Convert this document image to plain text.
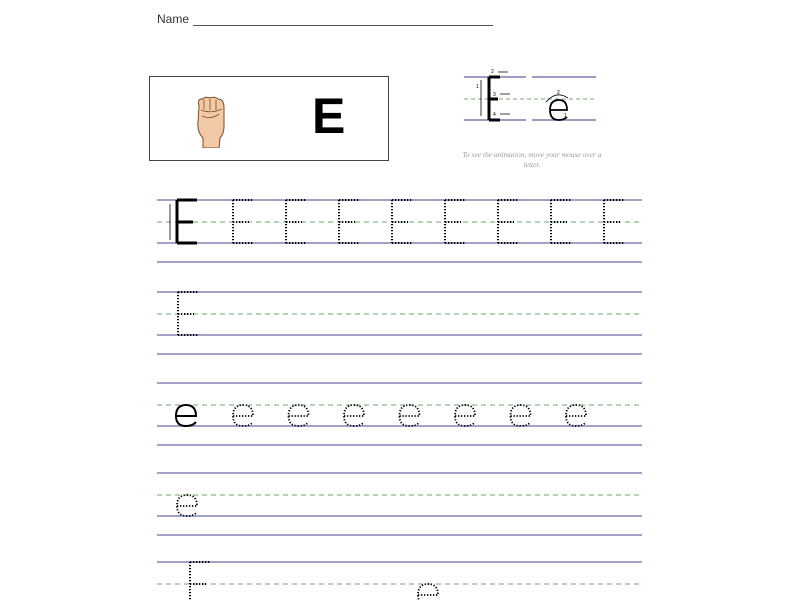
Name
E
1
2
3
4
2
1
To see the animation, move your mouse over a letter.
